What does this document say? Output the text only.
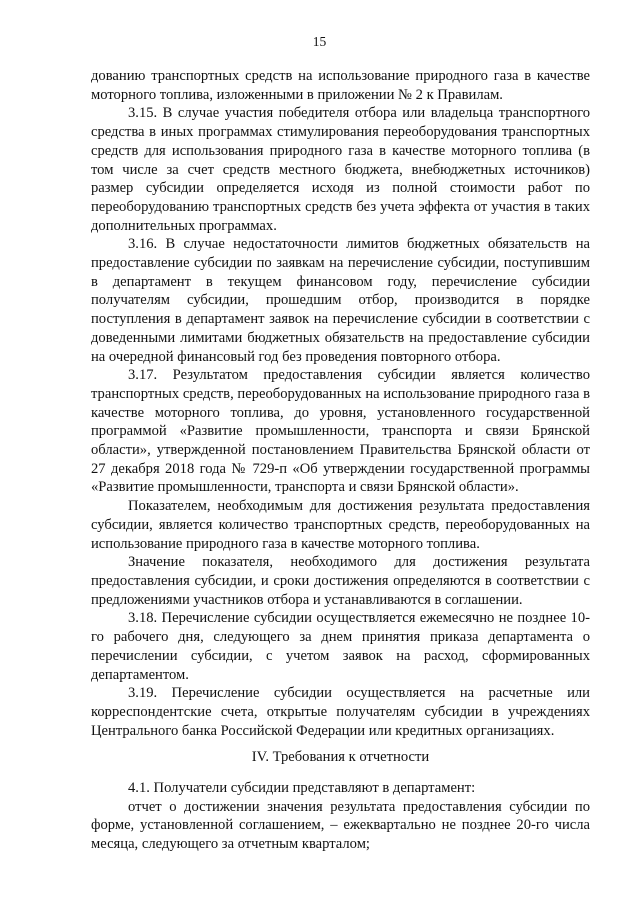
15

дованию транспортных средств на использование природного газа в качестве моторного топлива, изложенными в приложении № 2 к Правилам.

3.15. В случае участия победителя отбора или владельца транспортного средства в иных программах стимулирования переоборудования транспортных средств для использования природного газа в качестве моторного топлива (в том числе за счет средств местного бюджета, внебюджетных источников) размер субсидии определяется исходя из полной стоимости работ по переоборудованию транспортных средств без учета эффекта от участия в таких дополнительных программах.

3.16. В случае недостаточности лимитов бюджетных обязательств на предоставление субсидии по заявкам на перечисление субсидии, поступившим в департамент в текущем финансовом году, перечисление субсидии получателям субсидии, прошедшим отбор, производится в порядке поступления в департамент заявок на перечисление субсидии в соответствии с доведенными лимитами бюджетных обязательств на предоставление субсидии на очередной финансовый год без проведения повторного отбора.

3.17. Результатом предоставления субсидии является количество транспортных средств, переоборудованных на использование природного газа в качестве моторного топлива, до уровня, установленного государственной программой «Развитие промышленности, транспорта и связи Брянской области», утвержденной постановлением Правительства Брянской области от 27 декабря 2018 года № 729-п «Об утверждении государственной программы «Развитие промышленности, транспорта и связи Брянской области».

Показателем, необходимым для достижения результата предоставления субсидии, является количество транспортных средств, переоборудованных на использование природного газа в качестве моторного топлива.

Значение показателя, необходимого для достижения результата предоставления субсидии, и сроки достижения определяются в соответствии с предложениями участников отбора и устанавливаются в соглашении.

3.18. Перечисление субсидии осуществляется ежемесячно не позднее 10-го рабочего дня, следующего за днем принятия приказа департамента о перечислении субсидии, с учетом заявок на расход, сформированных департаментом.

3.19. Перечисление субсидии осуществляется на расчетные или корреспондентские счета, открытые получателям субсидии в учреждениях Центрального банка Российской Федерации или кредитных организациях.

IV. Требования к отчетности

4.1. Получатели субсидии представляют в департамент:

отчет о достижении значения результата предоставления субсидии по форме, установленной соглашением, – ежеквартально не позднее 20-го числа месяца, следующего за отчетным кварталом;
